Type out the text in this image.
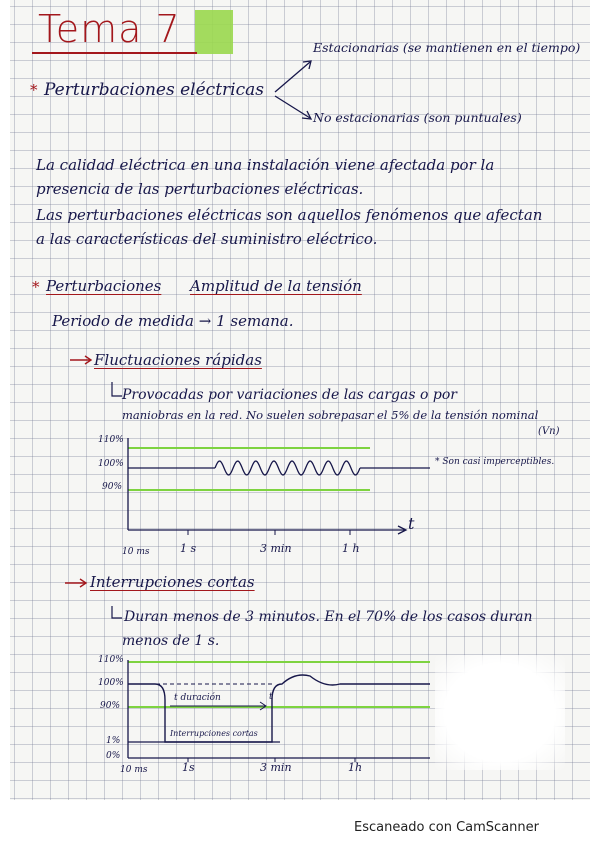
Tema 7
* Perturbaciones eléctricas
Estacionarias (se mantienen en el tiempo)
No estacionarias (son puntuales)
La calidad eléctrica en una instalación viene afectada por la
presencia de las perturbaciones eléctricas.
Las perturbaciones eléctricas son aquellos fenómenos que afectan
a las características del suministro eléctrico.
* Perturbaciones Amplitud de la tensión
Periodo de medida → 1 semana.
Fluctuaciones rápidas
Provocadas por variaciones de las cargas o por
maniobras en la red. No suelen sobrepasar el 5% de la tensión nominal
(Vn)
* Son casi imperceptibles.
110%
100%
90%
10 ms	1 s	3 min	1 h
t
Interrupciones cortas
Duran menos de 3 minutos. En el 70% de los casos duran
menos de 1 s.
110%
100%
90%
1%
0%
t duración	t
Interrupciones cortas
10 ms	1s	3 min	1h
Escaneado con CamScanner
